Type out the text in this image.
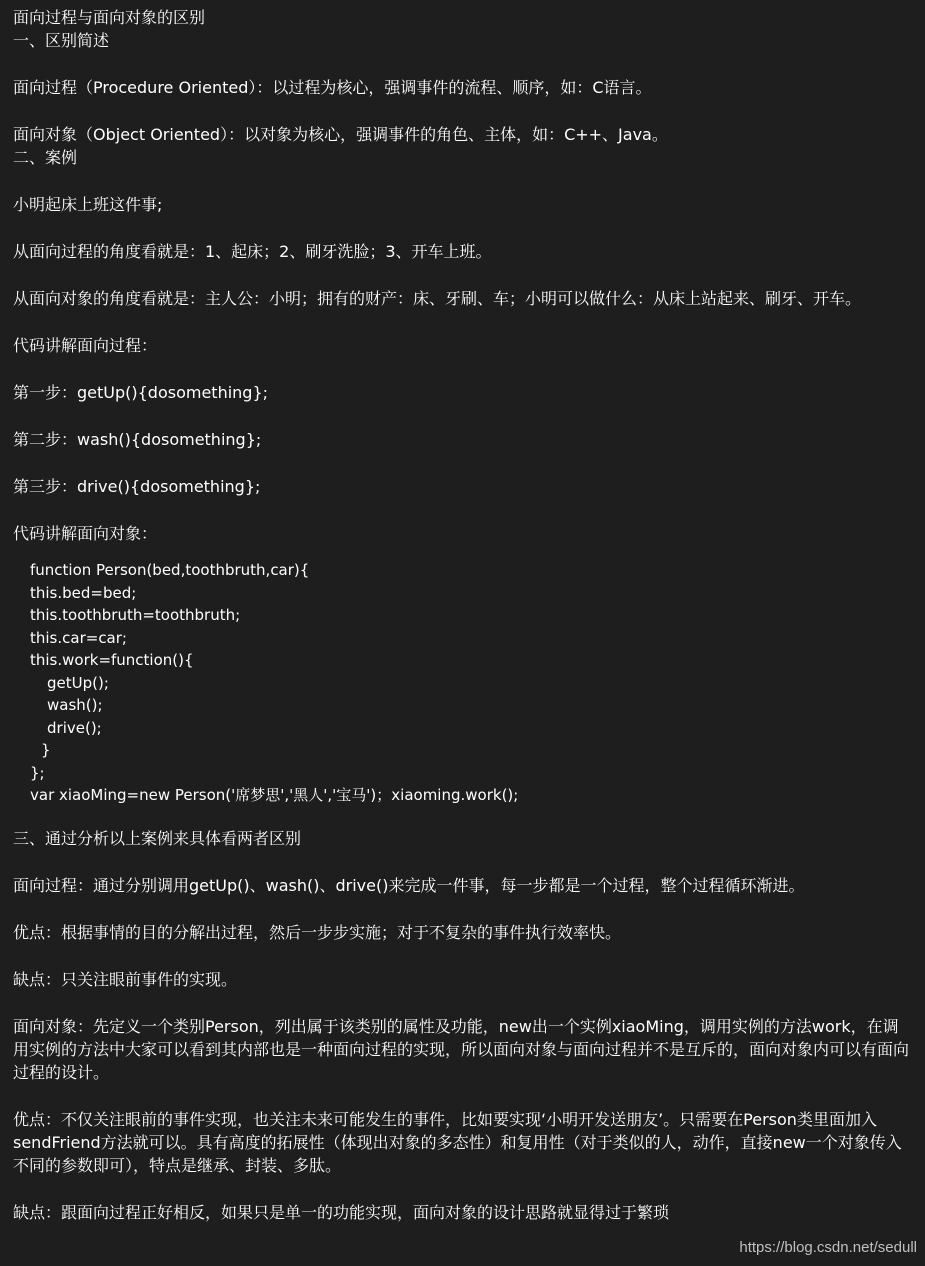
面向过程与面向对象的区别

一、区别简述

面向过程（Procedure Oriented）：以过程为核心，强调事件的流程、顺序，如：C语言。

面向对象（Object Oriented）：以对象为核心，强调事件的角色、主体，如：C++、Java。

二、案例

小明起床上班这件事;

从面向过程的角度看就是：1、起床；2、刷牙洗脸；3、开车上班。

从面向对象的角度看就是：主人公：小明；拥有的财产：床、牙刷、车；小明可以做什么：从床上站起来、刷牙、开车。

代码讲解面向过程：

第一步：getUp(){dosomething};

第二步：wash(){dosomething};

第三步：drive(){dosomething};

代码讲解面向对象：

function Person(bed,toothbruth,car){

this.bed=bed;

this.toothbruth=toothbruth;

this.car=car;

this.work=function(){

getUp();

wash();

drive();

}

};

var xiaoMing=new Person('席梦思','黑人','宝马')；xiaoming.work();

三、通过分析以上案例来具体看两者区别

面向过程：通过分别调用getUp()、wash()、drive()来完成一件事，每一步都是一个过程，整个过程循环渐进。

优点：根据事情的目的分解出过程，然后一步步实施；对于不复杂的事件执行效率快。

缺点：只关注眼前事件的实现。

面向对象：先定义一个类别Person，列出属于该类别的属性及功能，new出一个实例xiaoMing，调用实例的方法work，在调用实例的方法中大家可以看到其内部也是一种面向过程的实现，所以面向对象与面向过程并不是互斥的，面向对象内可以有面向过程的设计。

优点：不仅关注眼前的事件实现，也关注未来可能发生的事件，比如要实现‘小明开发送朋友’。只需要在Person类里面加入sendFriend方法就可以。具有高度的拓展性（体现出对象的多态性）和复用性（对于类似的人，动作，直接new一个对象传入不同的参数即可），特点是继承、封装、多肽。

缺点：跟面向过程正好相反，如果只是单一的功能实现，面向对象的设计思路就显得过于繁琐

https://blog.csdn.net/sedull
